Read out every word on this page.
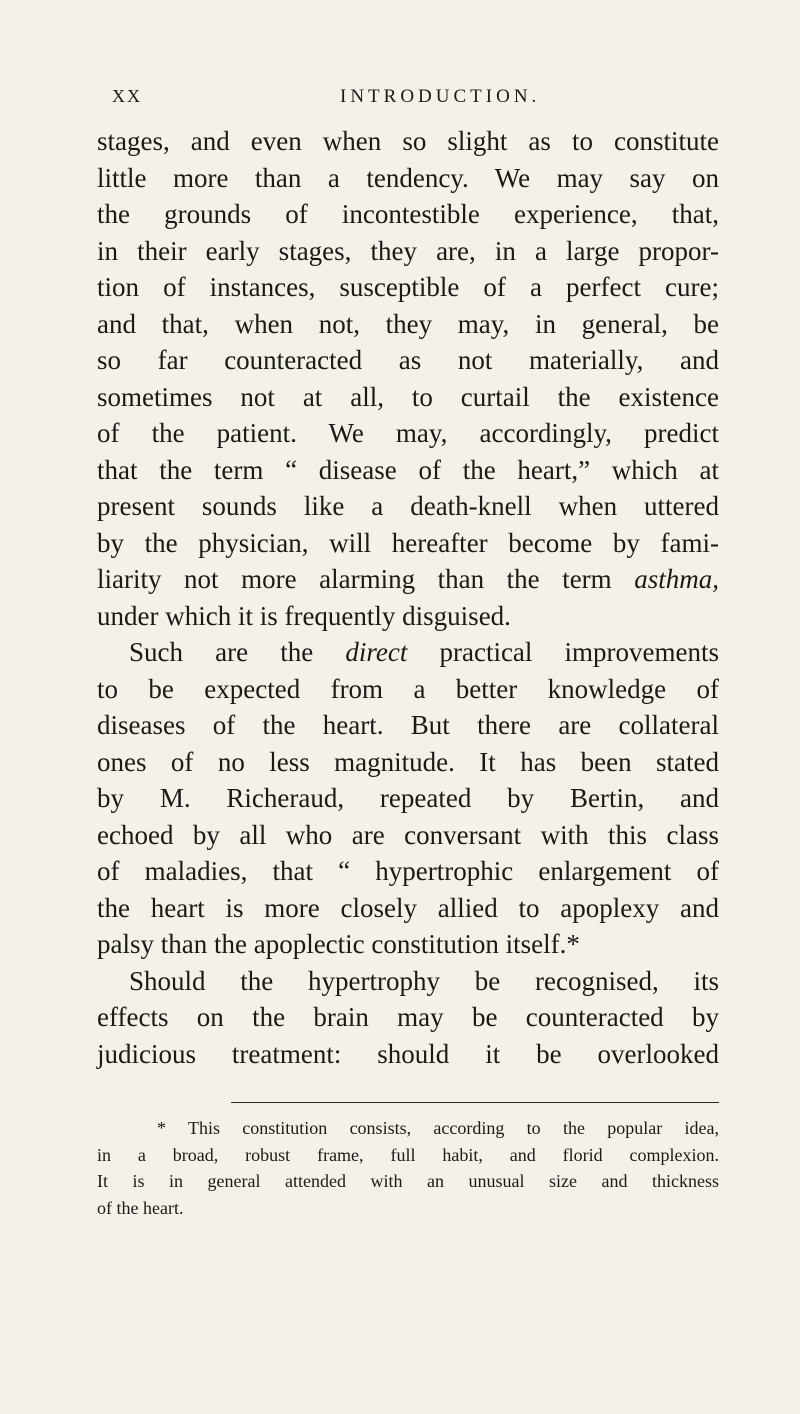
XX	INTRODUCTION.
stages, and even when so slight as to constitute
little more than a tendency. We may say on
the grounds of incontestible experience, that,
in their early stages, they are, in a large propor-
tion of instances, susceptible of a perfect cure;
and that, when not, they may, in general, be
so far counteracted as not materially, and
sometimes not at all, to curtail the existence
of the patient. We may, accordingly, predict
that the term “ disease of the heart,” which at
present sounds like a death-knell when uttered
by the physician, will hereafter become by fami-
liarity not more alarming than the term asthma,
under which it is frequently disguised.
Such are the direct practical improvements
to be expected from a better knowledge of
diseases of the heart. But there are collateral
ones of no less magnitude. It has been stated
by M. Richeraud, repeated by Bertin, and
echoed by all who are conversant with this class
of maladies, that “ hypertrophic enlargement of
the heart is more closely allied to apoplexy and
palsy than the apoplectic constitution itself.*
Should the hypertrophy be recognised, its
effects on the brain may be counteracted by
judicious treatment: should it be overlooked
* This constitution consists, according to the popular idea,
in a broad, robust frame, full habit, and florid complexion.
It is in general attended with an unusual size and thickness
of the heart.
